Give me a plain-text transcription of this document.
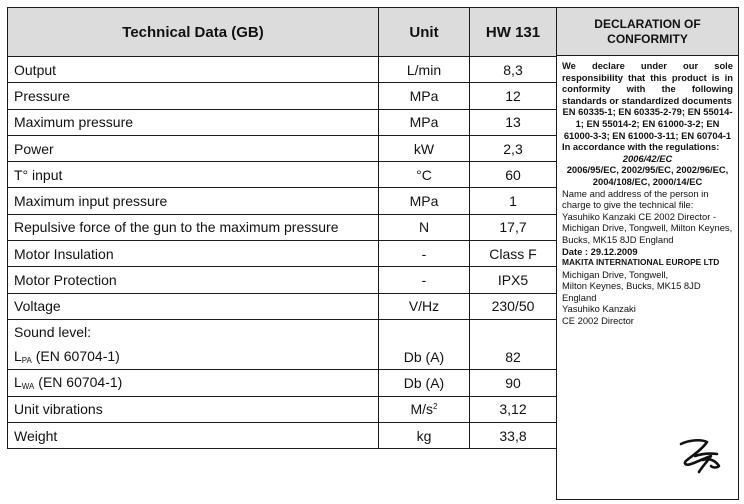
Technical Data (GB)	Unit	HW 131
Output	L/min	8,3
Pressure	MPa	12
Maximum pressure	MPa	13
Power	kW	2,3
T° input	°C	60
Maximum input pressure	MPa	1
Repulsive force of the gun to the maximum pressure	N	17,7
Motor Insulation	-	Class F
Motor Protection	-	IPX5
Voltage	V/Hz	230/50
Sound level:		
$L_{PA}$ (EN 60704-1)	Db (A)	82
$L_{WA}$ (EN 60704-1)	Db (A)	90
Unit vibrations	$M/s^2$	3,12
Weight	kg	33,8
DECLARATION OF CONFORMITY
We declare under our sole responsibility that this product is in conformity with the following standards or standardized documents
EN 60335-1; EN 60335-2-79; EN 55014-1; EN 55014-2; EN 61000-3-2; EN 61000-3-3; EN 61000-3-11; EN 60704-1
In accordance with the regulations:
2006/42/EC
2006/95/EC, 2002/95/EC, 2002/96/EC, 2004/108/EC, 2000/14/EC
Name and address of the person in charge to give the technical file: Yasuhiko Kanzaki CE 2002 Director - Michigan Drive, Tongwell, Milton Keynes, Bucks, MK15 8JD England
Date : 29.12.2009
MAKITA INTERNATIONAL EUROPE LTD
Michigan Drive, Tongwell,
Milton Keynes, Bucks, MK15 8JD
England
Yasuhiko Kanzaki
CE 2002 Director
